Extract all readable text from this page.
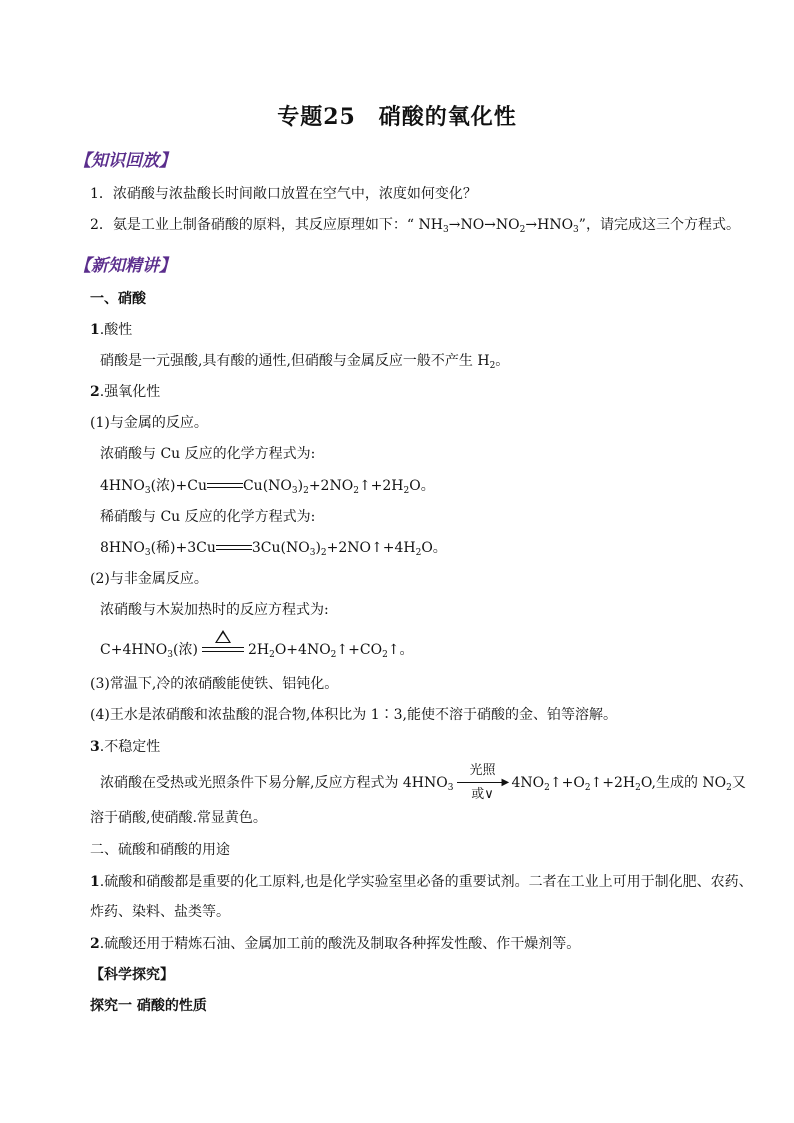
专题25　硝酸的氧化性
【知识回放】
1．浓硝酸与浓盐酸长时间敞口放置在空气中，浓度如何变化？
2．氨是工业上制备硝酸的原料，其反应原理如下：“ $NH_3\to NO\to NO_2\to HNO_3$”，请完成这三个方程式。
【新知精讲】
一、硝酸
1.酸性
硝酸是一元强酸,具有酸的通性,但硝酸与金属反应一般不产生 $H_2$。
2.强氧化性
(1)与金属的反应。
浓硝酸与 Cu 反应的化学方程式为:
$4HNO_3$(浓)+Cu	$Cu(NO_3)_2+2NO_2↑+2H_2O$。
稀硝酸与 Cu 反应的化学方程式为:
$8HNO_3$(稀)+3Cu	$3Cu(NO_3)_2+2NO↑+4H_2O$。
(2)与非金属反应。
浓硝酸与木炭加热时的反应方程式为:
$C+4HNO_3$(浓)	$2H_2O+4NO_2↑+CO_2↑$。
(3)常温下,冷的浓硝酸能使铁、铝钝化。
(4)王水是浓硝酸和浓盐酸的混合物,体积比为 1∶3,能使不溶于硝酸的金、铂等溶解。
3.不稳定性
浓硝酸在受热或光照条件下易分解,反应方程式为 $4HNO_3$
光照
▶
或∨
$4NO_2↑+O_2↑+2H_2O$,生成的 $NO_2$又
溶于硝酸,使硝酸.常显黄色。
二、硫酸和硝酸的用途
1.硫酸和硝酸都是重要的化工原料,也是化学实验室里必备的重要试剂。二者在工业上可用于制化肥、农药、
炸药、染料、盐类等。
2.硫酸还用于精炼石油、金属加工前的酸洗及制取各种挥发性酸、作干燥剂等。
【科学探究】
探究一 硝酸的性质
